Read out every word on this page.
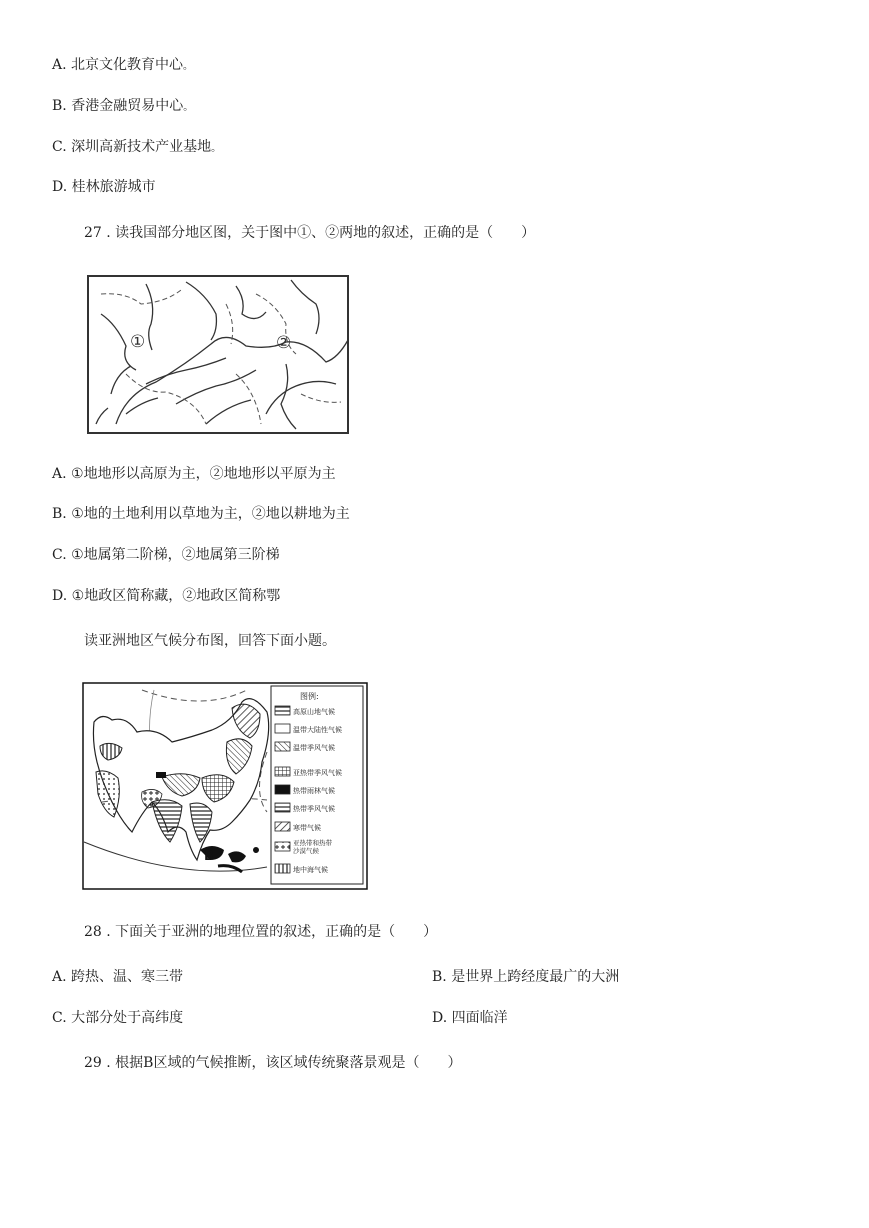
A. 北京文化教育中心。
B. 香港金融贸易中心。
C. 深圳高新技术产业基地。
D. 桂林旅游城市
27 . 读我国部分地区图，关于图中①、②两地的叙述，正确的是（　　）
①	②
A. ①地地形以高原为主，②地地形以平原为主
B. ①地的土地利用以草地为主，②地以耕地为主
C. ①地属第二阶梯，②地属第三阶梯
D. ①地政区简称藏，②地政区简称鄂
读亚洲地区气候分布图，回答下面小题。
B
图例:
高原山地气候
温带大陆性气候
温带季风气候
亚热带季风气候
热带雨林气候
热带季风气候
寒带气候
亚热带和热带沙漠气候
地中海气候
28 . 下面关于亚洲的地理位置的叙述，正确的是（　　）
A. 跨热、温、寒三带	B. 是世界上跨经度最广的大洲
C. 大部分处于高纬度	D. 四面临洋
29 . 根据B区域的气候推断，该区域传统聚落景观是（　　）
